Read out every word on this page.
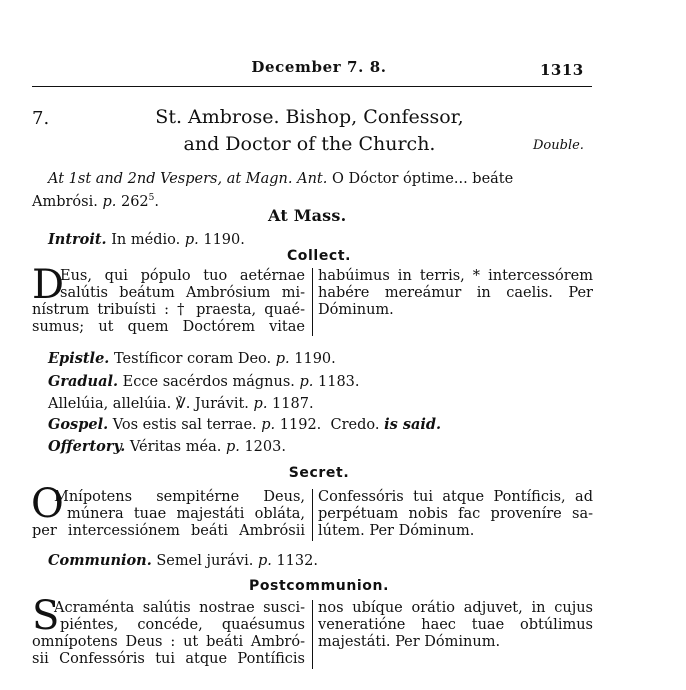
December 7. 8.	1313
7.	St. Ambrose. Bishop, Confessor,
and Doctor of the Church.	Double.
At 1st and 2nd Vespers, at Magn. Ant. O Dóctor óptime... beáte
Ambrósi. p. $262^5$.
At Mass.
Introit. In médio. p. 1190.
Collect.
D
Eus, qui pópulo tuo aetérnae
salútis beátum Ambrósium mi-
nístrum tribuísti : † praesta, quaé-
sumus; ut quem Doctórem vitae
habúimus in terris, * intercessórem
habére mereámur in caelis. Per
Dóminum.
Epistle. Testíficor coram Deo. p. 1190.
Gradual. Ecce sacérdos mágnus. p. 1183.
Allelúia, allelúia. ℣. Jurávit. p. 1187.
Gospel. Vos estis sal terrae. p. 1192. Credo. is said.
Offertory. Véritas méa. p. 1203.
Secret.
O
Mnípotens sempitérne Deus,
múnera tuae majestáti obláta,
per intercessiónem beáti Ambrósii
Confessóris tui atque Pontíficis, ad
perpétuam nobis fac proveníre sa-
lútem. Per Dóminum.
Communion. Semel jurávi. p. 1132.
Postcommunion.
S
Acraménta salútis nostrae susci-
piéntes, concéde, quaésumus
omnípotens Deus : ut beáti Ambró-
sii Confessóris tui atque Pontíficis
nos ubíque orátio adjuvet, in cujus
veneratióne haec tuae obtúlimus
majestáti. Per Dóminum.
